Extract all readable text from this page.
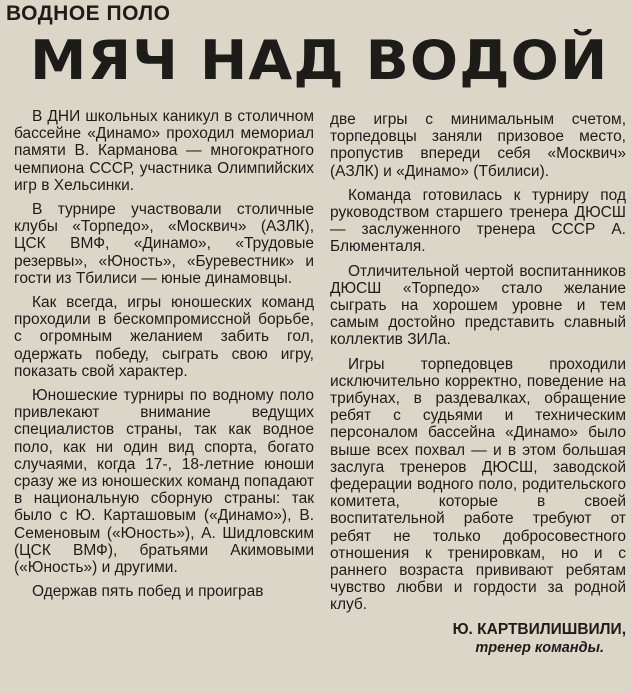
ВОДНОЕ ПОЛО
МЯЧ НАД ВОДОЙ

В ДНИ школьных каникул в столичном бассейне «Динамо» проходил мемориал памяти В. Карманова — многократного чемпиона СССР, участника Олимпийских игр в Хельсинки.

В турнире участвовали столичные клубы «Торпедо», «Москвич» (АЗЛК), ЦСК ВМФ, «Динамо», «Трудовые резервы», «Юность», «Буревестник» и гости из Тбилиси — юные динамовцы.

Как всегда, игры юношеских команд проходили в бескомпромиссной борьбе, с огромным желанием забить гол, одержать победу, сыграть свою игру, показать свой характер.

Юношеские турниры по водному поло привлекают внимание ведущих специалистов страны, так как водное поло, как ни один вид спорта, богато случаями, когда 17-, 18-летние юноши сразу же из юношеских команд попадают в национальную сборную страны: так было с Ю. Карташовым («Динамо»), В. Семеновым («Юность»), А. Шидловским (ЦСК ВМФ), братьями Акимовыми («Юность») и другими.

Одержав пять побед и проиграв

две игры с минимальным счетом, торпедовцы заняли призовое место, пропустив впереди себя «Москвич» (АЗЛК) и «Динамо» (Тбилиси).

Команда готовилась к турниру под руководством старшего тренера ДЮСШ — заслуженного тренера СССР А. Блюменталя.

Отличительной чертой воспитанников ДЮСШ «Торпедо» стало желание сыграть на хорошем уровне и тем самым достойно представить славный коллектив ЗИЛа.

Игры торпедовцев проходили исключительно корректно, поведение на трибунах, в раздевалках, обращение ребят с судьями и техническим персоналом бассейна «Динамо» было выше всех похвал — и в этом большая заслуга тренеров ДЮСШ, заводской федерации водного поло, родительского комитета, которые в своей воспитательной работе требуют от ребят не только добросовестного отношения к тренировкам, но и с раннего возраста прививают ребятам чувство любви и гордости за родной клуб.

Ю. КАРТВИЛИШВИЛИ,
тренер команды.
